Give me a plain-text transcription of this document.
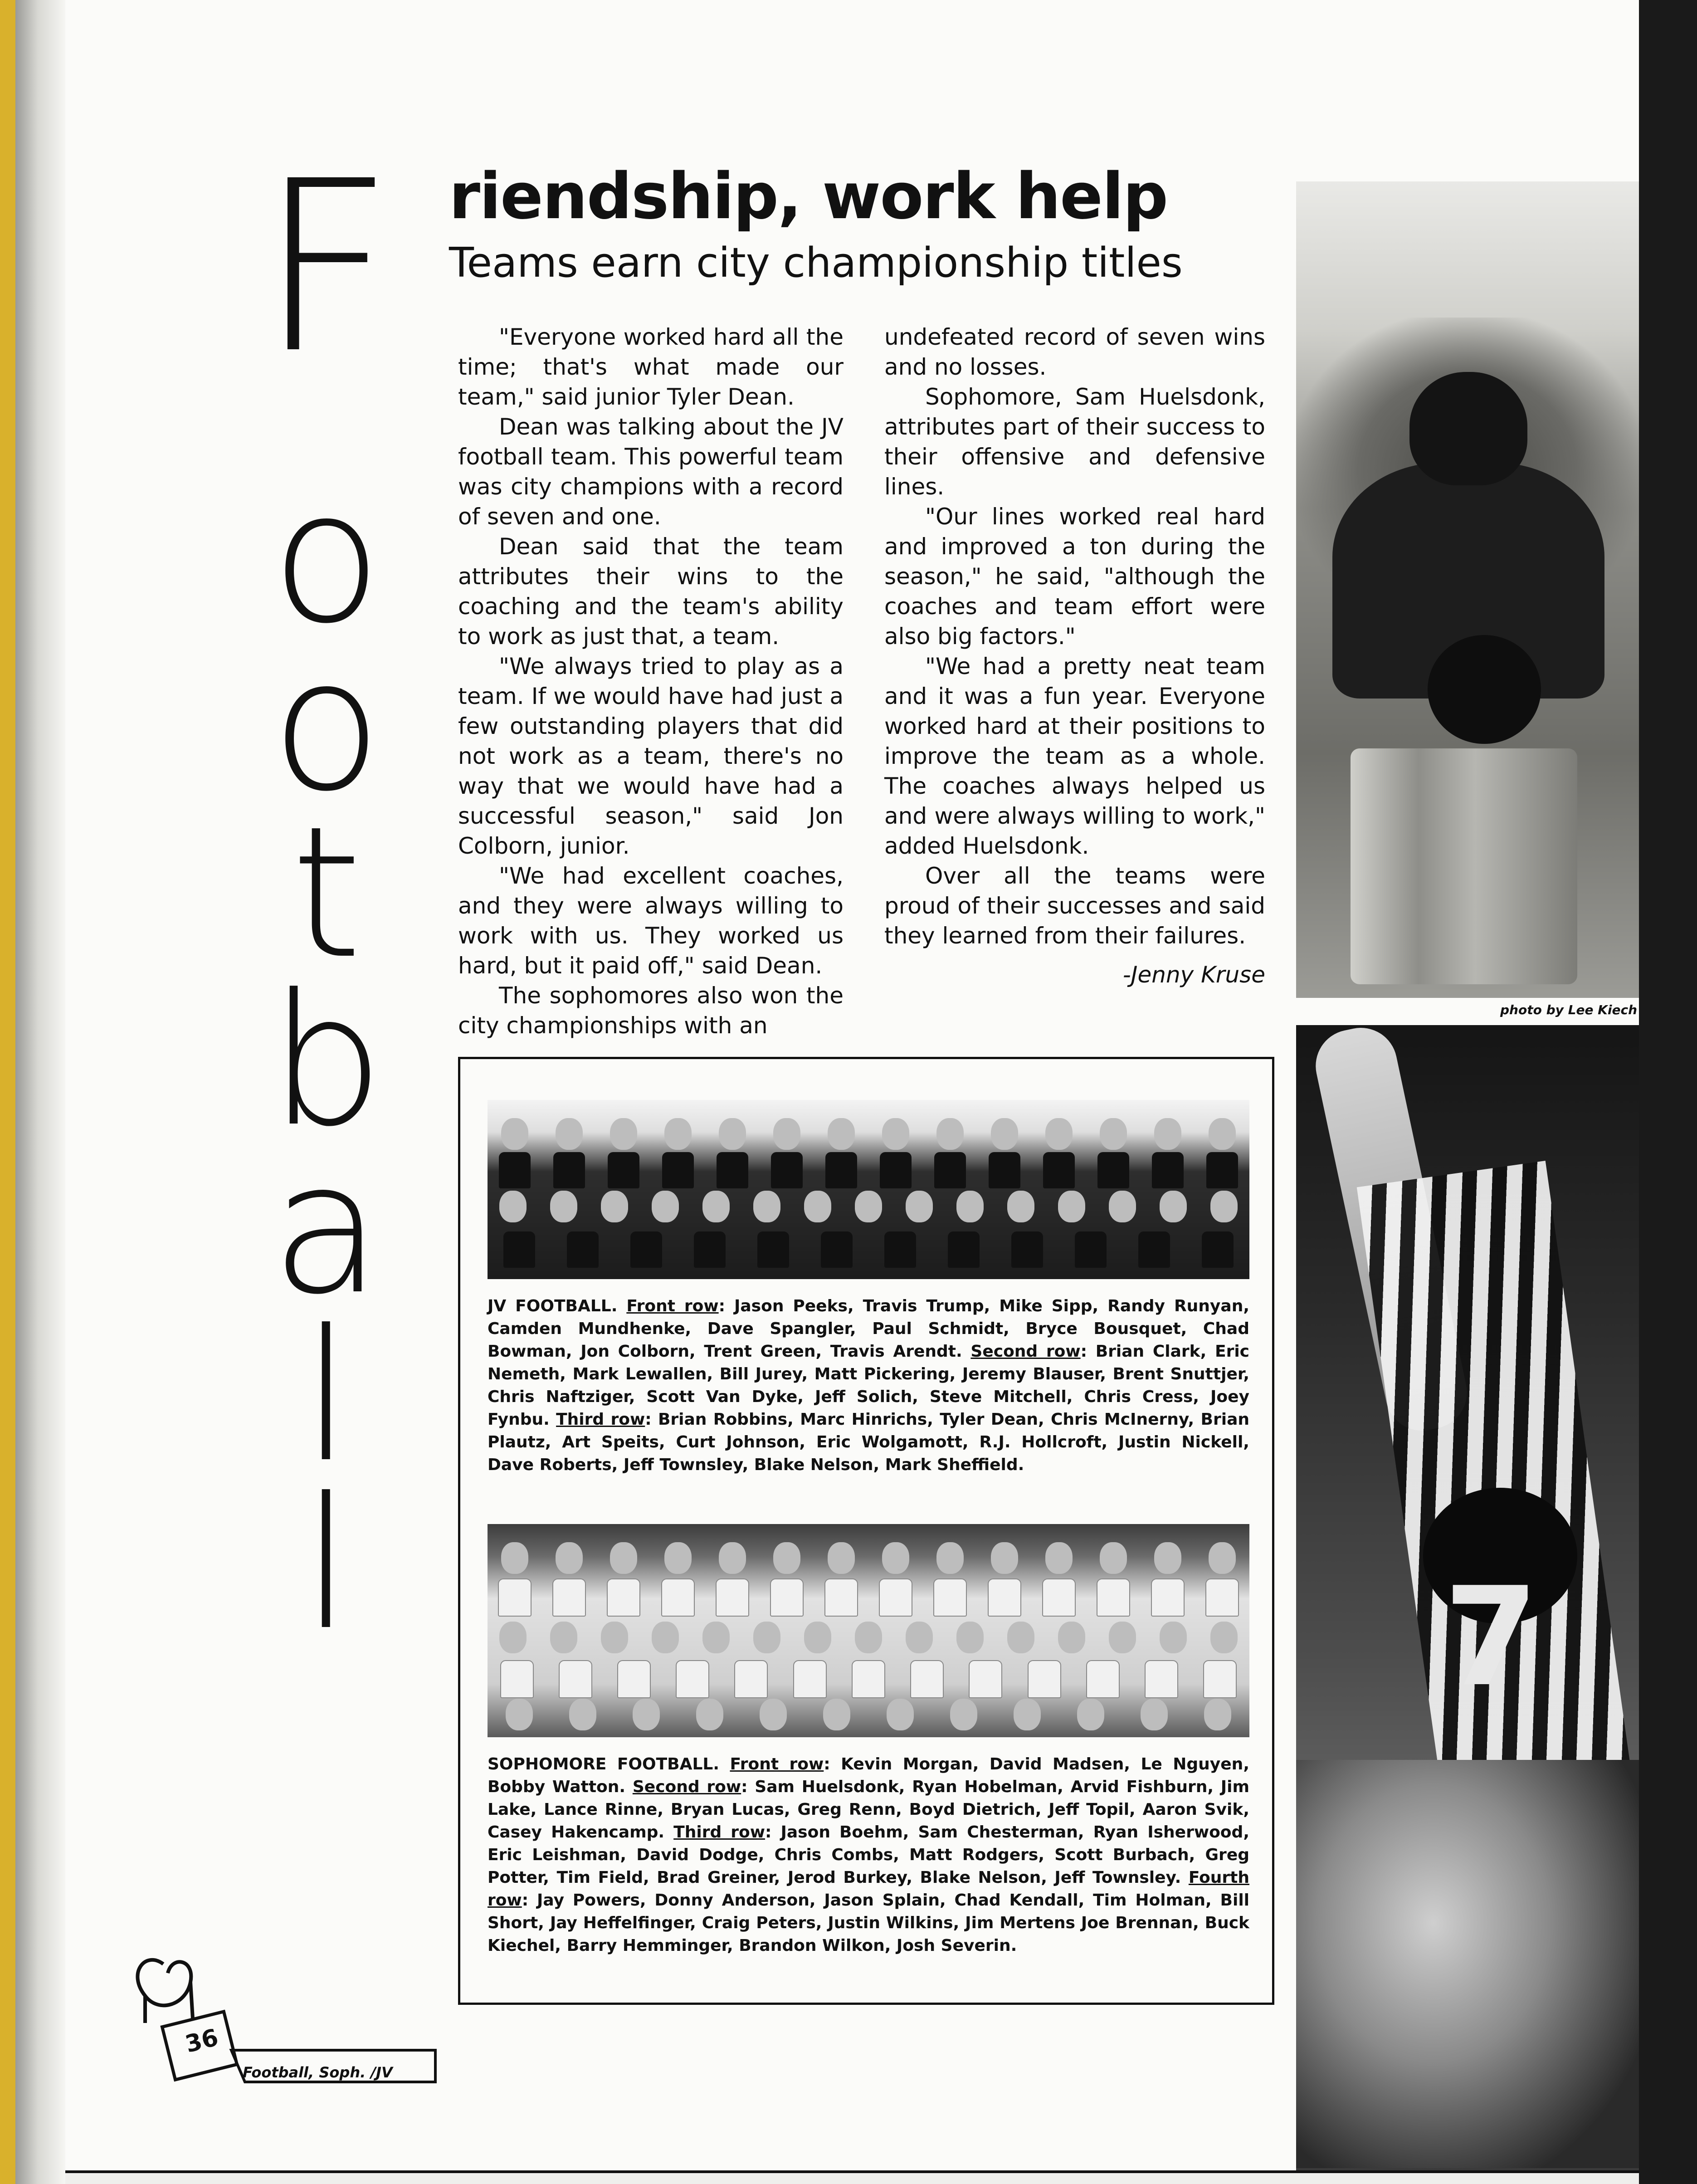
F
o
o
t
b
a
l
l
riendship, work help
Teams earn city championship titles

"Everyone worked hard all the time; that's what made our team," said junior Tyler Dean.

Dean was talking about the JV football team. This powerful team was city champions with a record of seven and one.

Dean said that the team attributes their wins to the coaching and the team's ability to work as just that, a team.

"We always tried to play as a team. If we would have had just a few outstanding players that did not work as a team, there's no way that we would have had a successful season," said Jon Colborn, junior.

"We had excellent coaches, and they were always willing to work with us. They worked us hard, but it paid off," said Dean.

The sophomores also won the city championships with an

undefeated record of seven wins and no losses.

Sophomore, Sam Huelsdonk, attributes part of their success to their offensive and defensive lines.

"Our lines worked real hard and improved a ton during the season," he said, "although the coaches and team effort were also big factors."

"We had a pretty neat team and it was a fun year. Everyone worked hard at their positions to improve the team as a whole. The coaches always helped us and were always willing to work," added Huelsdonk.

Over all the teams were proud of their successes and said they learned from their failures.

-Jenny Kruse
photo by Lee Kiech
7
JV FOOTBALL. Front row: Jason Peeks, Travis Trump, Mike Sipp, Randy Runyan, Camden Mundhenke, Dave Spangler, Paul Schmidt, Bryce Bousquet, Chad Bowman, Jon Colborn, Trent Green, Travis Arendt. Second row: Brian Clark, Eric Nemeth, Mark Lewallen, Bill Jurey, Matt Pickering, Jeremy Blauser, Brent Snuttjer, Chris Naftziger, Scott Van Dyke, Jeff Solich, Steve Mitchell, Chris Cress, Joey Fynbu. Third row: Brian Robbins, Marc Hinrichs, Tyler Dean, Chris McInerny, Brian Plautz, Art Speits, Curt Johnson, Eric Wolgamott, R.J. Hollcroft, Justin Nickell, Dave Roberts, Jeff Townsley, Blake Nelson, Mark Sheffield.
SOPHOMORE FOOTBALL. Front row: Kevin Morgan, David Madsen, Le Nguyen, Bobby Watton. Second row: Sam Huelsdonk, Ryan Hobelman, Arvid Fishburn, Jim Lake, Lance Rinne, Bryan Lucas, Greg Renn, Boyd Dietrich, Jeff Topil, Aaron Svik, Casey Hakencamp. Third row: Jason Boehm, Sam Chesterman, Ryan Isherwood, Eric Leishman, David Dodge, Chris Combs, Matt Rodgers, Scott Burbach, Greg Potter, Tim Field, Brad Greiner, Jerod Burkey, Blake Nelson, Jeff Townsley. Fourth row: Jay Powers, Donny Anderson, Jason Splain, Chad Kendall, Tim Holman, Bill Short, Jay Heffelfinger, Craig Peters, Justin Wilkins, Jim Mertens Joe Brennan, Buck Kiechel, Barry Hemminger, Brandon Wilkon, Josh Severin.
36
Football, Soph. /JV
